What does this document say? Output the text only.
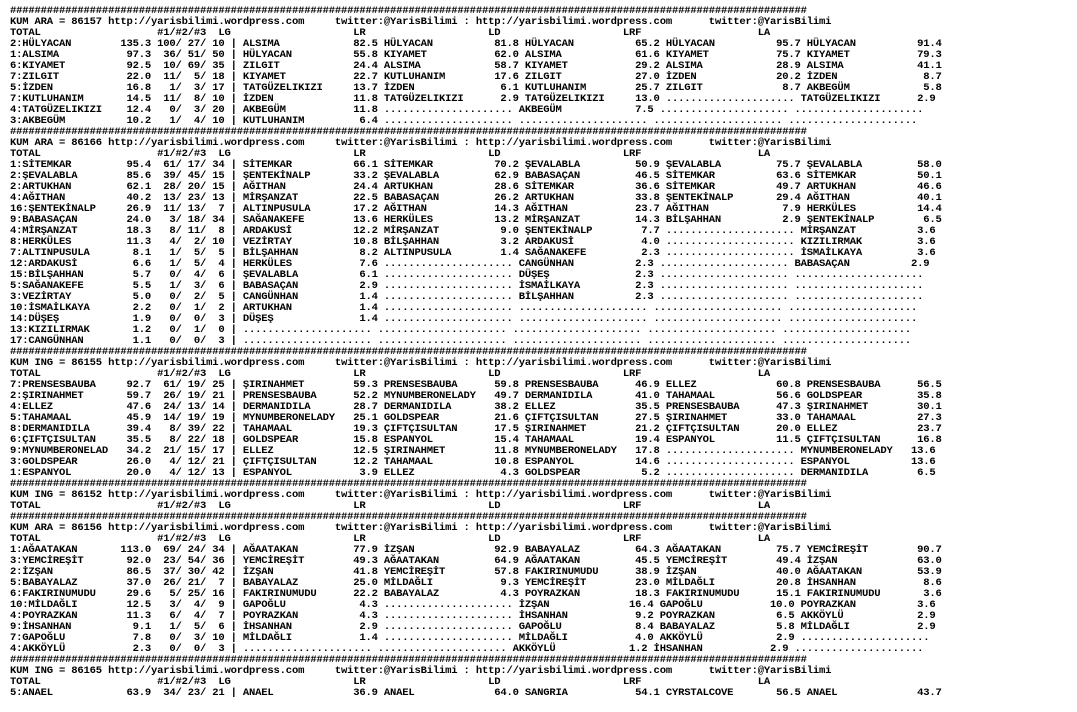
##################################################################################################################################
KUM ARA = 86157 http://yarisbilimi.wordpress.com     twitter:@YarisBilimi : http://yarisbilimi.wordpress.com      twitter:@YarisBilimi
TOTAL                   #1/#2/#3  LG                    LR                    LD                    LRF                   LA
2:HÜLYACAN        135.3 100/ 27/ 10 | ALSIMA            82.5 HÜLYACAN          81.8 HÜLYACAN          65.2 HÜLYACAN          95.7 HÜLYACAN          91.4
1:ALSIMA           97.3  36/ 51/ 50 | HÜLYACAN          55.8 KIYAMET           62.0 ALSIMA            61.6 KIYAMET           75.7 KIYAMET           79.3
6:KIYAMET          92.5  10/ 69/ 35 | ZILGIT            24.4 ALSIMA            58.7 KIYAMET           29.2 ALSIMA            28.9 ALSIMA            41.1
7:ZILGIT           22.0  11/  5/ 18 | KIYAMET           22.7 KUTLUHANIM        17.6 ZILGIT            27.0 İZDEN             20.2 İZDEN              8.7
5:İZDEN            16.8   1/  3/ 17 | TATGÜZELIKIZI     13.7 İZDEN              6.1 KUTLUHANIM        25.7 ZILGIT             8.7 AKBEGÜM            5.8
7:KUTLUHANIM       14.5  11/  8/ 10 | İZDEN             11.8 TATGÜZELIKIZI      2.9 TATGÜZELIKIZI     13.0 ..................... TATGÜZELIKIZI      2.9
4:TATGÜZELIKIZI    12.4   0/  3/ 20 | AKBEGÜM           11.8 ..................... AKBEGÜM            7.5 ..................... .....................
3:AKBEGÜM          10.2   1/  4/ 10 | KUTLUHANIM         6.4 ..................... ..................... ..................... .....................
##################################################################################################################################
KUM ARA = 86166 http://yarisbilimi.wordpress.com     twitter:@YarisBilimi : http://yarisbilimi.wordpress.com      twitter:@YarisBilimi
TOTAL                   #1/#2/#3  LG                    LR                    LD                    LRF                   LA
1:SİTEMKAR         95.4  61/ 17/ 34 | SİTEMKAR          66.1 SİTEMKAR          70.2 ŞEVALABLA         50.9 ŞEVALABLA         75.7 ŞEVALABLA         58.0
2:ŞEVALABLA        85.6  39/ 45/ 15 | ŞENTEKİNALP       33.2 ŞEVALABLA         62.9 BABASAÇAN         46.5 SİTEMKAR          63.6 SİTEMKAR          50.1
2:ARTUKHAN         62.1  28/ 20/ 15 | AĞITHAN           24.4 ARTUKHAN          28.6 SİTEMKAR          36.6 SİTEMKAR          49.7 ARTUKHAN          46.6
4:AĞITHAN          40.2  13/ 23/ 13 | MİRŞANZAT         22.5 BABASAÇAN         26.2 ARTUKHAN          33.8 ŞENTEKİNALP       29.4 AĞITHAN           40.1
16:ŞENTEKİNALP     26.9  11/ 13/  7 | ALTINPUSULA       17.2 AĞITHAN           14.3 AĞITHAN           23.7 AĞITHAN            7.9 HERKÜLES          14.4
9:BABASAÇAN        24.0   3/ 18/ 34 | SAĞANAKEFE        13.6 HERKÜLES          13.2 MİRŞANZAT         14.3 BİLŞAHHAN          2.9 ŞENTEKİNALP        6.5
4:MİRŞANZAT        18.3   8/ 11/  8 | ARDAKUSİ          12.2 MİRŞANZAT          9.0 ŞENTEKİNALP        7.7 ..................... MİRŞANZAT          3.6
8:HERKÜLES         11.3   4/  2/ 10 | VEZİRTAY          10.8 BİLŞAHHAN          3.2 ARDAKUSİ           4.0 ..................... KIZILIRMAK         3.6
7:ALTINPUSULA       8.1   1/  5/  5 | BİLŞAHHAN          8.2 ALTINPUSULA        1.4 SAĞANAKEFE         2.3 ..................... İSMAİLKAYA         3.6
12:ARDAKUSİ         6.6   1/  5/  4 | HERKÜLES           7.6 ..................... CANGÜNHAN          2.3 ..................... BABASAÇAN          2.9
15:BİLŞAHHAN        5.7   0/  4/  6 | ŞEVALABLA          6.1 ..................... DÜŞEŞ              2.3 ..................... .....................
5:SAĞANAKEFE        5.5   1/  3/  6 | BABASAÇAN          2.9 ..................... İSMAİLKAYA         2.3 ..................... .....................
3:VEZİRTAY          5.0   0/  2/  5 | CANGÜNHAN          1.4 ..................... BİLŞAHHAN          2.3 ..................... .....................
10:İSMAİLKAYA       2.2   0/  1/  2 | ARTUKHAN           1.4 ..................... ..................... ..................... .....................
14:DÜŞEŞ            1.9   0/  0/  3 | DÜŞEŞ              1.4 ..................... ..................... ..................... .....................
13:KIZILIRMAK       1.2   0/  1/  0 | ..................... ..................... ..................... ..................... .....................
17:CANGÜNHAN        1.1   0/  0/  3 | ..................... ..................... ..................... ..................... .....................
##################################################################################################################################
KUM ING = 86155 http://yarisbilimi.wordpress.com     twitter:@YarisBilimi : http://yarisbilimi.wordpress.com      twitter:@YarisBilimi
TOTAL                   #1/#2/#3  LG                    LR                    LD                    LRF                   LA
7:PRENSESBAUBA     92.7  61/ 19/ 25 | ŞIRINAHMET        59.3 PRENSESBAUBA      59.8 PRENSESBAUBA      46.9 ELLEZ             60.8 PRENSESBAUBA      56.5
2:ŞIRINAHMET       59.7  26/ 19/ 21 | PRENSESBAUBA      52.2 MYNUMBERONELADY   49.7 DERMANIDILA       41.0 TAHAMAAL          56.6 GOLDSPEAR         35.8
4:ELLEZ            47.6  24/ 13/ 14 | DERMANIDILA       28.7 DERMANIDILA       38.2 ELLEZ             35.5 PRENSESBAUBA      47.3 ŞIRINAHMET        30.1
5:TAHAMAAL         45.9  14/ 19/ 19 | MYNUMBERONELADY   25.1 GOLDSPEAR         21.6 ÇIFTÇISULTAN      27.5 ŞIRINAHMET        33.0 TAHAMAAL          27.3
8:DERMANIDILA      39.4   8/ 39/ 22 | TAHAMAAL          19.3 ÇIFTÇISULTAN      17.5 ŞIRINAHMET        21.2 ÇIFTÇISULTAN      20.0 ELLEZ             23.7
6:ÇIFTÇISULTAN     35.5   8/ 22/ 18 | GOLDSPEAR         15.8 ESPANYOL          15.4 TAHAMAAL          19.4 ESPANYOL          11.5 ÇIFTÇISULTAN      16.8
9:MYNUMBERONELAD   34.2  21/ 15/ 17 | ELLEZ             12.5 ŞIRINAHMET        11.8 MYNUMBERONELADY   17.8 ..................... MYNUMBERONELADY   13.6
3:GOLDSPEAR        26.0   4/ 12/ 21 | ÇIFTÇISULTAN      12.2 TAHAMAAL          10.8 ESPANYOL          14.6 ..................... ESPANYOL          13.6
1:ESPANYOL         20.0   4/ 12/ 13 | ESPANYOL           3.9 ELLEZ              4.3 GOLDSPEAR          5.2 ..................... DERMANIDILA        6.5
##################################################################################################################################
KUM ING = 86152 http://yarisbilimi.wordpress.com     twitter:@YarisBilimi : http://yarisbilimi.wordpress.com      twitter:@YarisBilimi
TOTAL                   #1/#2/#3  LG                    LR                    LD                    LRF                   LA
##################################################################################################################################
KUM ARA = 86156 http://yarisbilimi.wordpress.com     twitter:@YarisBilimi : http://yarisbilimi.wordpress.com      twitter:@YarisBilimi
TOTAL                   #1/#2/#3  LG                    LR                    LD                    LRF                   LA
1:AĞAATAKAN       113.0  69/ 24/ 34 | AĞAATAKAN         77.9 İZŞAN             92.9 BABAYALAZ         64.3 AĞAATAKAN         75.7 YEMCİREŞİT        90.7
3:YEMCİREŞİT       92.0  23/ 54/ 36 | YEMCİREŞİT        49.3 AĞAATAKAN         64.9 AĞAATAKAN         45.5 YEMCİREŞİT        49.4 İZŞAN             63.0
2:İZŞAN            86.5  37/ 30/ 42 | İZŞAN             41.8 YEMCİREŞİT        57.8 FAKIRINUMUDU      38.9 İZŞAN             40.0 AĞAATAKAN         53.9
5:BABAYALAZ        37.0  26/ 21/  7 | BABAYALAZ         25.0 MİLDAĞLI           9.3 YEMCİREŞİT        23.0 MİLDAĞLI          20.8 İHSANHAN           8.6
6:FAKIRINUMUDU     29.6   5/ 25/ 16 | FAKIRINUMUDU      22.2 BABAYALAZ          4.3 POYRAZKAN         18.3 FAKIRINUMUDU      15.1 FAKIRINUMUDU       3.6
10:MİLDAĞLI        12.5   3/  4/  9 | GAPOĞLU            4.3 ..................... İZŞAN             16.4 GAPOĞLU           10.0 POYRAZKAN          3.6
4:POYRAZKAN        11.3   6/  4/  7 | POYRAZKAN          4.3 ..................... İHSANHAN           9.2 POYRAZKAN          6.5 AKKÖYLÜ            2.9
9:İHSANHAN          9.1   1/  5/  6 | İHSANHAN           2.9 ..................... GAPOĞLU            8.4 BABAYALAZ          5.8 MİLDAĞLI           2.9
7:GAPOĞLU           7.8   0/  3/ 10 | MİLDAĞLI           1.4 ..................... MİLDAĞLI           4.0 AKKÖYLÜ            2.9 .....................
4:AKKÖYLÜ           2.3   0/  0/  3 | ..................... ..................... AKKÖYLÜ            1.2 İHSANHAN           2.9 .....................
##################################################################################################################################
KUM ING = 86165 http://yarisbilimi.wordpress.com     twitter:@YarisBilimi : http://yarisbilimi.wordpress.com      twitter:@YarisBilimi
TOTAL                   #1/#2/#3  LG                    LR                    LD                    LRF                   LA
5:ANAEL            63.9  34/ 23/ 21 | ANAEL             36.9 ANAEL             64.0 SANGRIA           54.1 CYRSTALCOVE       56.5 ANAEL             43.7
